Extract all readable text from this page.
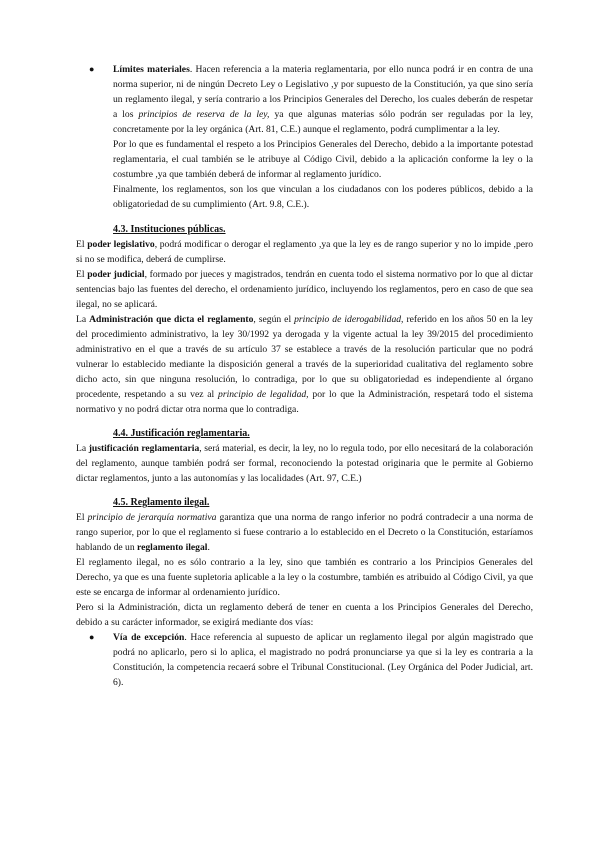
● Límites materiales. Hacen referencia a la materia reglamentaria, por ello nunca podrá ir en contra de una norma superior, ni de ningún Decreto Ley o Legislativo ,y por supuesto de la Constitución, ya que sino sería un reglamento ilegal, y sería contrario a los Principios Generales del Derecho, los cuales deberán de respetar a los principios de reserva de la ley, ya que algunas materias sólo podrán ser reguladas por la ley, concretamente por la ley orgánica (Art. 81, C.E.) aunque el reglamento, podrá cumplimentar a la ley.

Por lo que es fundamental el respeto a los Principios Generales del Derecho, debido a la importante potestad reglamentaria, el cual también se le atribuye al Código Civil, debido a la aplicación conforme la ley o la costumbre ,ya que también deberá de informar al reglamento jurídico.

Finalmente, los reglamentos, son los que vinculan a los ciudadanos con los poderes públicos, debido a la obligatoriedad de su cumplimiento (Art. 9.8, C.E.).

4.3. Instituciones públicas.

El poder legislativo, podrá modificar o derogar el reglamento ,ya que la ley es de rango superior y no lo impide ,pero si no se modifica, deberá de cumplirse.

El poder judicial, formado por jueces y magistrados, tendrán en cuenta todo el sistema normativo por lo que al dictar sentencias bajo las fuentes del derecho, el ordenamiento jurídico, incluyendo los reglamentos, pero en caso de que sea ilegal, no se aplicará.

La Administración que dicta el reglamento, según el principio de iderogabilidad, referido en los años 50 en la ley del procedimiento administrativo, la ley 30/1992 ya derogada y la vigente actual la ley 39/2015 del procedimiento administrativo en el que a través de su artículo 37 se establece a través de la resolución particular que no podrá vulnerar lo establecido mediante la disposición general a través de la superioridad cualitativa del reglamento sobre dicho acto, sin que ninguna resolución, lo contradiga, por lo que su obligatoriedad es independiente al órgano procedente, respetando a su vez al principio de legalidad, por lo que la Administración, respetará todo el sistema normativo y no podrá dictar otra norma que lo contradiga.

4.4. Justificación reglamentaria.

La justificación reglamentaria, será material, es decir, la ley, no lo regula todo, por ello necesitará de la colaboración del reglamento, aunque también podrá ser formal, reconociendo la potestad originaria que le permite al Gobierno dictar reglamentos, junto a las autonomías y las localidades (Art. 97, C.E.)

4.5. Reglamento ilegal.

El principio de jerarquía normativa garantiza que una norma de rango inferior no podrá contradecir a una norma de rango superior, por lo que el reglamento si fuese contrario a lo establecido en el Decreto o la Constitución, estaríamos hablando de un reglamento ilegal.

El reglamento ilegal, no es sólo contrario a la ley, sino que también es contrario a los Principios Generales del Derecho, ya que es una fuente supletoria aplicable a la ley o la costumbre, también es atribuido al Código Civil, ya que este se encarga de informar al ordenamiento jurídico.

Pero si la Administración, dicta un reglamento deberá de tener en cuenta a los Principios Generales del Derecho, debido a su carácter informador, se exigirá mediante dos vías:

● Vía de excepción. Hace referencia al supuesto de aplicar un reglamento ilegal por algún magistrado que podrá no aplicarlo, pero si lo aplica, el magistrado no podrá pronunciarse ya que si la ley es contraria a la Constitución, la competencia recaerá sobre el Tribunal Constitucional. (Ley Orgánica del Poder Judicial, art. 6).
